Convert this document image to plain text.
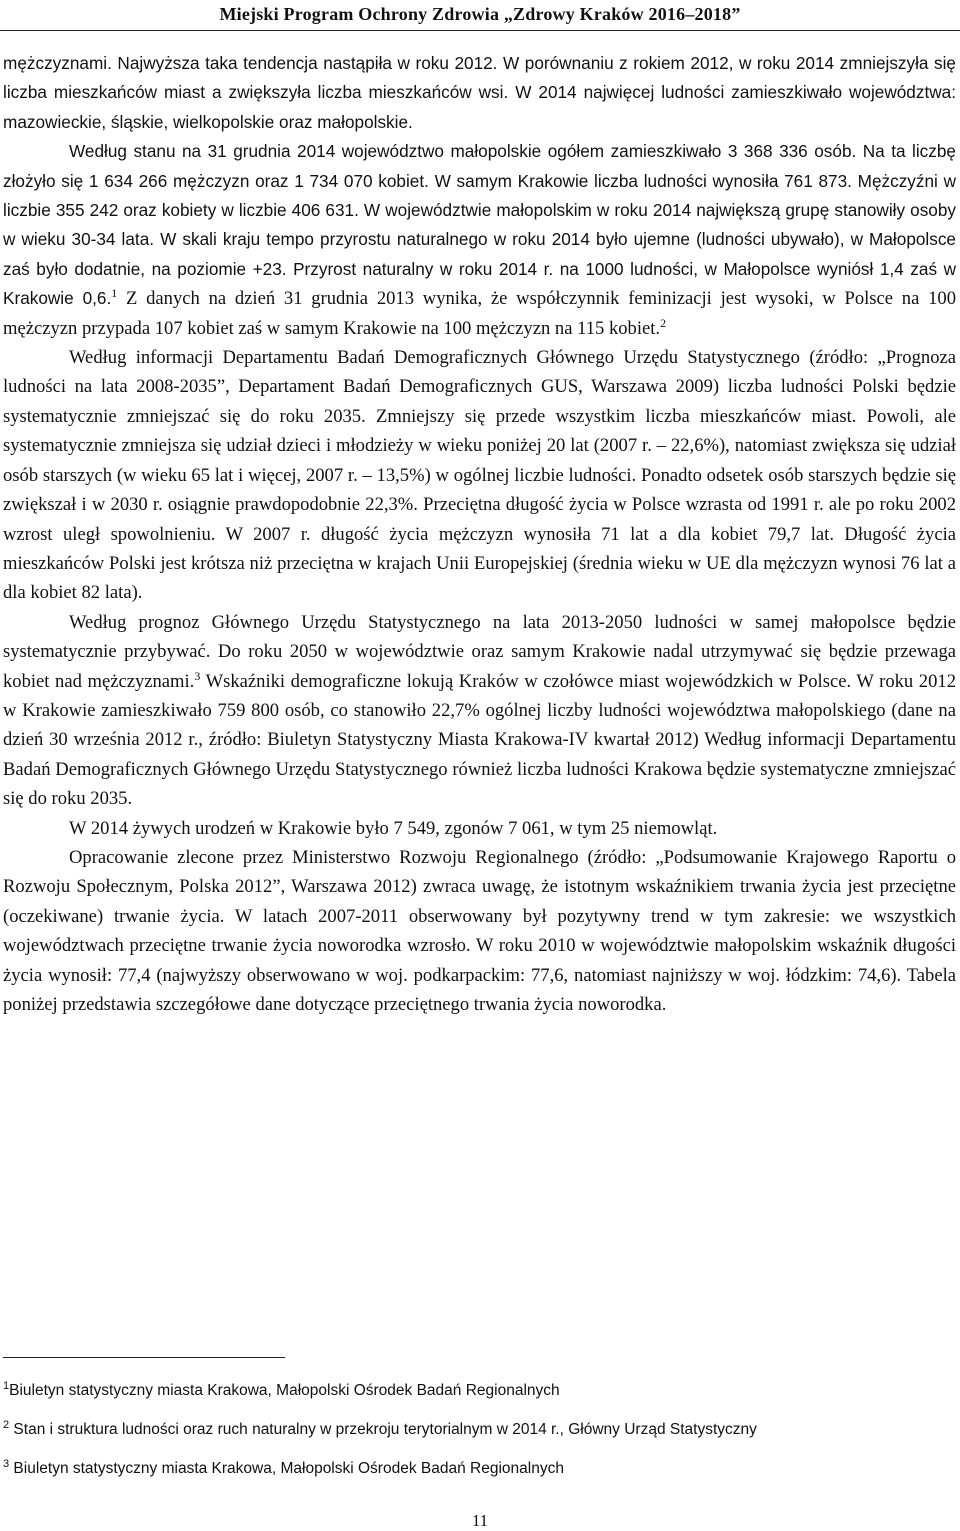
Miejski Program Ochrony Zdrowia „Zdrowy Kraków 2016–2018”

mężczyznami. Najwyższa taka tendencja nastąpiła w roku 2012. W porównaniu z rokiem 2012, w roku 2014 zmniejszyła się liczba mieszkańców miast a zwiększyła liczba mieszkańców wsi. W 2014 najwięcej ludności zamieszkiwało województwa: mazowieckie, śląskie, wielkopolskie oraz małopolskie.

Według stanu na 31 grudnia 2014 województwo małopolskie ogółem zamieszkiwało 3 368 336 osób. Na ta liczbę złożyło się 1 634 266 mężczyzn oraz 1 734 070 kobiet. W samym Krakowie liczba ludności wynosiła 761 873. Mężczyźni w liczbie 355 242 oraz kobiety w liczbie 406 631. W województwie małopolskim w roku 2014 największą grupę stanowiły osoby w wieku 30-34 lata. W skali kraju tempo przyrostu naturalnego w roku 2014 było ujemne (ludności ubywało), w Małopolsce zaś było dodatnie, na poziomie +23. Przyrost naturalny w roku 2014 r. na 1000 ludności, w Małopolsce wyniósł 1,4 zaś w Krakowie 0,6.$^1$ Z danych na dzień 31 grudnia 2013 wynika, że współczynnik feminizacji jest wysoki, w Polsce na 100 mężczyzn przypada 107 kobiet zaś w samym Krakowie na 100 mężczyzn na 115 kobiet.$^2$

Według informacji Departamentu Badań Demograficznych Głównego Urzędu Statystycznego (źródło: „Prognoza ludności na lata 2008-2035”, Departament Badań Demograficznych GUS, Warszawa 2009) liczba ludności Polski będzie systematycznie zmniejszać się do roku 2035. Zmniejszy się przede wszystkim liczba mieszkańców miast. Powoli, ale systematycznie zmniejsza się udział dzieci i młodzieży w wieku poniżej 20 lat (2007 r. – 22,6%), natomiast zwiększa się udział osób starszych (w wieku 65 lat i więcej, 2007 r. – 13,5%) w ogólnej liczbie ludności. Ponadto odsetek osób starszych będzie się zwiększał i w 2030 r. osiągnie prawdopodobnie 22,3%. Przeciętna długość życia w Polsce wzrasta od 1991 r. ale po roku 2002 wzrost uległ spowolnieniu. W 2007 r. długość życia mężczyzn wynosiła 71 lat a dla kobiet 79,7 lat. Długość życia mieszkańców Polski jest krótsza niż przeciętna w krajach Unii Europejskiej (średnia wieku w UE dla mężczyzn wynosi 76 lat a dla kobiet 82 lata).

Według prognoz Głównego Urzędu Statystycznego na lata 2013-2050 ludności w samej małopolsce będzie systematycznie przybywać. Do roku 2050 w województwie oraz samym Krakowie nadal utrzymywać się będzie przewaga kobiet nad mężczyznami.$^3$ Wskaźniki demograficzne lokują Kraków w czołówce miast wojewódzkich w Polsce. W roku 2012 w Krakowie zamieszkiwało 759 800 osób, co stanowiło 22,7% ogólnej liczby ludności województwa małopolskiego (dane na dzień 30 września 2012 r., źródło: Biuletyn Statystyczny Miasta Krakowa-IV kwartał 2012) Według informacji Departamentu Badań Demograficznych Głównego Urzędu Statystycznego również liczba ludności Krakowa będzie systematyczne zmniejszać się do roku 2035.

W 2014 żywych urodzeń w Krakowie było 7 549, zgonów 7 061, w tym 25 niemowląt.

Opracowanie zlecone przez Ministerstwo Rozwoju Regionalnego (źródło: „Podsumowanie Krajowego Raportu o Rozwoju Społecznym, Polska 2012”, Warszawa 2012) zwraca uwagę, że istotnym wskaźnikiem trwania życia jest przeciętne (oczekiwane) trwanie życia. W latach 2007-2011 obserwowany był pozytywny trend w tym zakresie: we wszystkich województwach przeciętne trwanie życia noworodka wzrosło. W roku 2010 w województwie małopolskim wskaźnik długości życia wynosił: 77,4 (najwyższy obserwowano w woj. podkarpackim: 77,6, natomiast najniższy w woj. łódzkim: 74,6). Tabela poniżej przedstawia szczegółowe dane dotyczące przeciętnego trwania życia noworodka.

$^1$Biuletyn statystyczny miasta Krakowa, Małopolski Ośrodek Badań Regionalnych

$^2$ Stan i struktura ludności oraz ruch naturalny w przekroju terytorialnym w 2014 r., Główny Urząd Statystyczny

$^3$ Biuletyn statystyczny miasta Krakowa, Małopolski Ośrodek Badań Regionalnych

11
